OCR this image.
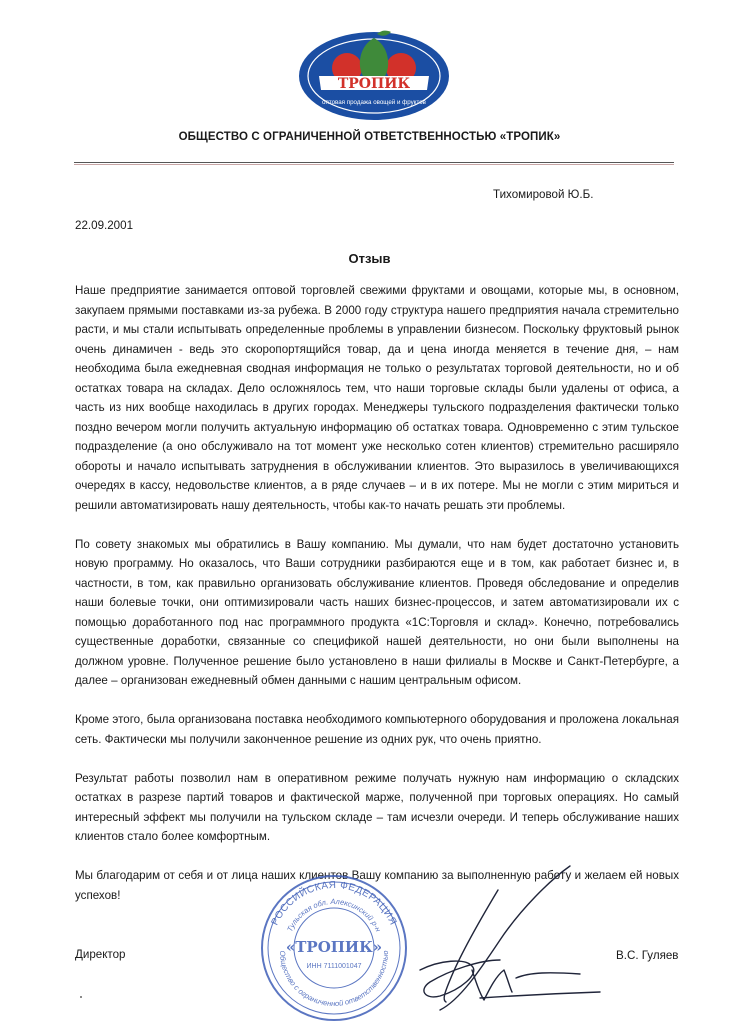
ТРОПИК
оптовая продажа овощей и фруктов
ОБЩЕСТВО С ОГРАНИЧЕННОЙ ОТВЕТСТВЕННОСТЬЮ «ТРОПИК»
Тихомировой Ю.Б.
22.09.2001
Отзыв

Наше предприятие занимается оптовой торговлей свежими фруктами и овощами, которые мы, в основном, закупаем прямыми поставками из-за рубежа. В 2000 году структура нашего предприятия начала стремительно расти, и мы стали испытывать определенные проблемы в управлении бизнесом. Поскольку фруктовый рынок очень динамичен - ведь это скоропортящийся товар, да и цена иногда меняется в течение дня, – нам необходима была ежедневная сводная информация не только о результатах торговой деятельности, но и об остатках товара на складах. Дело осложнялось тем, что наши торговые склады были удалены от офиса, а часть из них вообще находилась в других городах. Менеджеры тульского подразделения фактически только поздно вечером могли получить актуальную информацию об остатках товара. Одновременно с этим тульское подразделение (а оно обслуживало на тот момент уже несколько сотен клиентов) стремительно расширяло обороты и начало испытывать затруднения в обслуживании клиентов. Это выразилось в увеличивающихся очередях в кассу, недовольстве клиентов, а в ряде случаев – и в их потере. Мы не могли с этим мириться и решили автоматизировать нашу деятельность, чтобы как-то начать решать эти проблемы.

По совету знакомых мы обратились в Вашу компанию. Мы думали, что нам будет достаточно установить новую программу. Но оказалось, что Ваши сотрудники разбираются еще и в том, как работает бизнес и, в частности, в том, как правильно организовать обслуживание клиентов. Проведя обследование и определив наши болевые точки, они оптимизировали часть наших бизнес-процессов, и затем автоматизировали их с помощью доработанного под нас программного продукта «1С:Торговля и склад». Конечно, потребовались существенные доработки, связанные со спецификой нашей деятельности, но они были выполнены на должном уровне. Полученное решение было установлено в наши филиалы в Москве и Санкт-Петербурге, а далее – организован ежедневный обмен данными с нашим центральным офисом.

Кроме этого, была организована поставка необходимого компьютерного оборудования и проложена локальная сеть. Фактически мы получили законченное решение из одних рук, что очень приятно.

Результат работы позволил нам в оперативном режиме получать нужную нам информацию о складских остатках в разрезе партий товаров и фактической марже, полученной при торговых операциях. Но самый интересный эффект мы получили на тульском складе – там исчезли очереди. И теперь обслуживание наших клиентов стало более комфортным.

Мы благодарим от себя и от лица наших клиентов Вашу компанию за выполненную работу и желаем ей новых успехов!

Директор	В.С. Гуляев
РОССИЙСКАЯ ФЕДЕРАЦИЯ
Тульская обл. Алексинский р-н
«ТРОПИК»
ИНН 7111001047
Общество с ограниченной ответственностью
